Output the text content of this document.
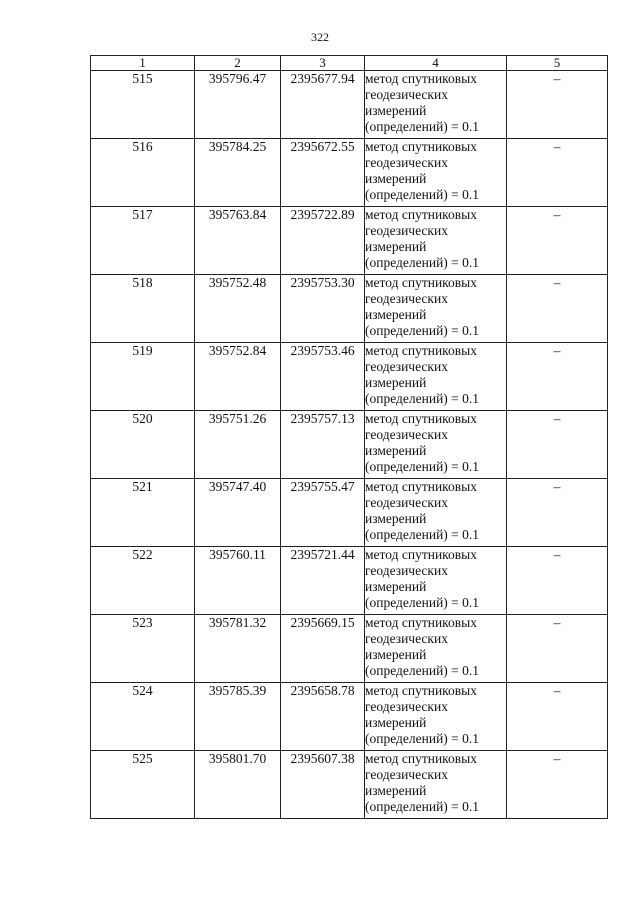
322
1	2	3	4	5
515	395796.47	2395677.94	метод спутниковых
геодезических
измерений
(определений) = 0.1	–
516	395784.25	2395672.55	метод спутниковых
геодезических
измерений
(определений) = 0.1	–
517	395763.84	2395722.89	метод спутниковых
геодезических
измерений
(определений) = 0.1	–
518	395752.48	2395753.30	метод спутниковых
геодезических
измерений
(определений) = 0.1	–
519	395752.84	2395753.46	метод спутниковых
геодезических
измерений
(определений) = 0.1	–
520	395751.26	2395757.13	метод спутниковых
геодезических
измерений
(определений) = 0.1	–
521	395747.40	2395755.47	метод спутниковых
геодезических
измерений
(определений) = 0.1	–
522	395760.11	2395721.44	метод спутниковых
геодезических
измерений
(определений) = 0.1	–
523	395781.32	2395669.15	метод спутниковых
геодезических
измерений
(определений) = 0.1	–
524	395785.39	2395658.78	метод спутниковых
геодезических
измерений
(определений) = 0.1	–
525	395801.70	2395607.38	метод спутниковых
геодезических
измерений
(определений) = 0.1	–
